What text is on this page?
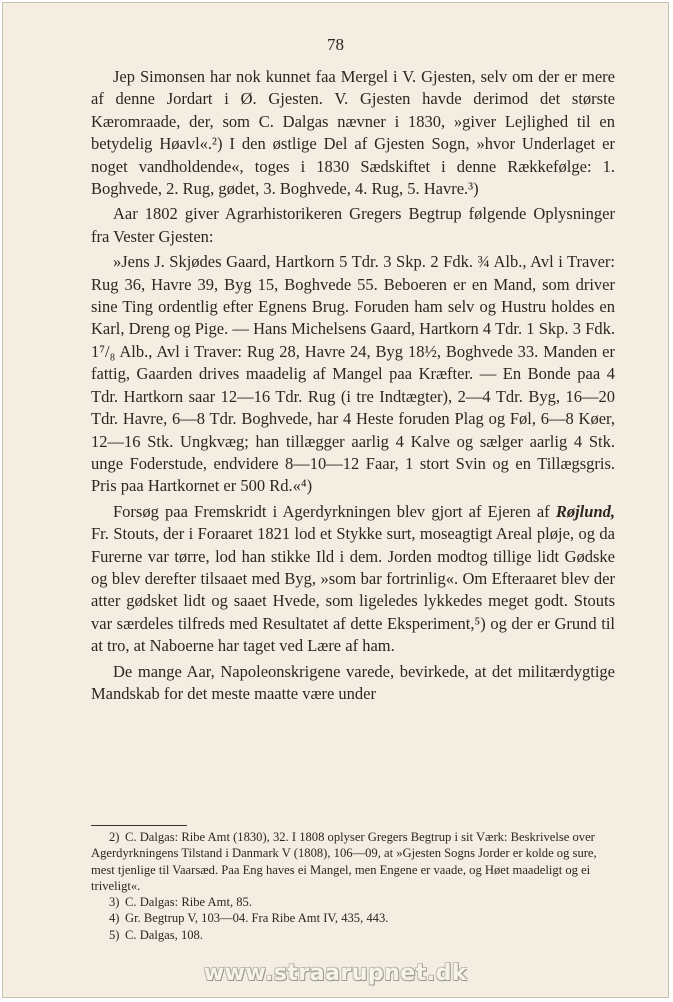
78

Jep Simonsen har nok kunnet faa Mergel i V. Gjesten, selv om der er mere af denne Jordart i Ø. Gjesten. V. Gjesten havde derimod det største Kæromraade, der, som C. Dalgas nævner i 1830, »giver Lejlighed til en betydelig Høavl«.²) I den østlige Del af Gjesten Sogn, »hvor Underlaget er noget vandholdende«, toges i 1830 Sædskiftet i denne Rækkefølge: 1. Boghvede, 2. Rug, gødet, 3. Boghvede, 4. Rug, 5. Havre.³)

Aar 1802 giver Agrarhistorikeren Gregers Begtrup følgende Oplysninger fra Vester Gjesten:

»Jens J. Skjødes Gaard, Hartkorn 5 Tdr. 3 Skp. 2 Fdk. ¾ Alb., Avl i Traver: Rug 36, Havre 39, Byg 15, Boghvede 55. Beboeren er en Mand, som driver sine Ting ordentlig efter Egnens Brug. Foruden ham selv og Hustru holdes en Karl, Dreng og Pige. — Hans Michelsens Gaard, Hartkorn 4 Tdr. 1 Skp. 3 Fdk. 1⁷/₈ Alb., Avl i Traver: Rug 28, Havre 24, Byg 18½, Boghvede 33. Manden er fattig, Gaarden drives maadelig af Mangel paa Kræfter. — En Bonde paa 4 Tdr. Hartkorn saar 12—16 Tdr. Rug (i tre Indtægter), 2—4 Tdr. Byg, 16—20 Tdr. Havre, 6—8 Tdr. Boghvede, har 4 Heste foruden Plag og Føl, 6—8 Køer, 12—16 Stk. Ungkvæg; han tillægger aarlig 4 Kalve og sælger aarlig 4 Stk. unge Foderstude, endvidere 8—10—12 Faar, 1 stort Svin og en Tillægsgris. Pris paa Hartkornet er 500 Rd.«⁴)

Forsøg paa Fremskridt i Agerdyrkningen blev gjort af Ejeren af Røjlund, Fr. Stouts, der i Foraaret 1821 lod et Stykke surt, moseagtigt Areal pløje, og da Furerne var tørre, lod han stikke Ild i dem. Jorden modtog tillige lidt Gødske og blev derefter tilsaaet med Byg, »som bar fortrinlig«. Om Efteraaret blev der atter gødsket lidt og saaet Hvede, som ligeledes lykkedes meget godt. Stouts var særdeles tilfreds med Resultatet af dette Eksperiment,⁵) og der er Grund til at tro, at Naboerne har taget ved Lære af ham.

De mange Aar, Napoleonskrigene varede, bevirkede, at det militærdygtige Mandskab for det meste maatte være under

2) C. Dalgas: Ribe Amt (1830), 32. I 1808 oplyser Gregers Begtrup i sit Værk: Beskrivelse over Agerdyrkningens Tilstand i Danmark V (1808), 106—09, at »Gjesten Sogns Jorder er kolde og sure, mest tjenlige til Vaarsæd. Paa Eng haves ei Mangel, men Engene er vaade, og Høet maadeligt og ei triveligt«.
3) C. Dalgas: Ribe Amt, 85.
4) Gr. Begtrup V, 103—04. Fra Ribe Amt IV, 435, 443.
5) C. Dalgas, 108.
www.straarupnet.dk
